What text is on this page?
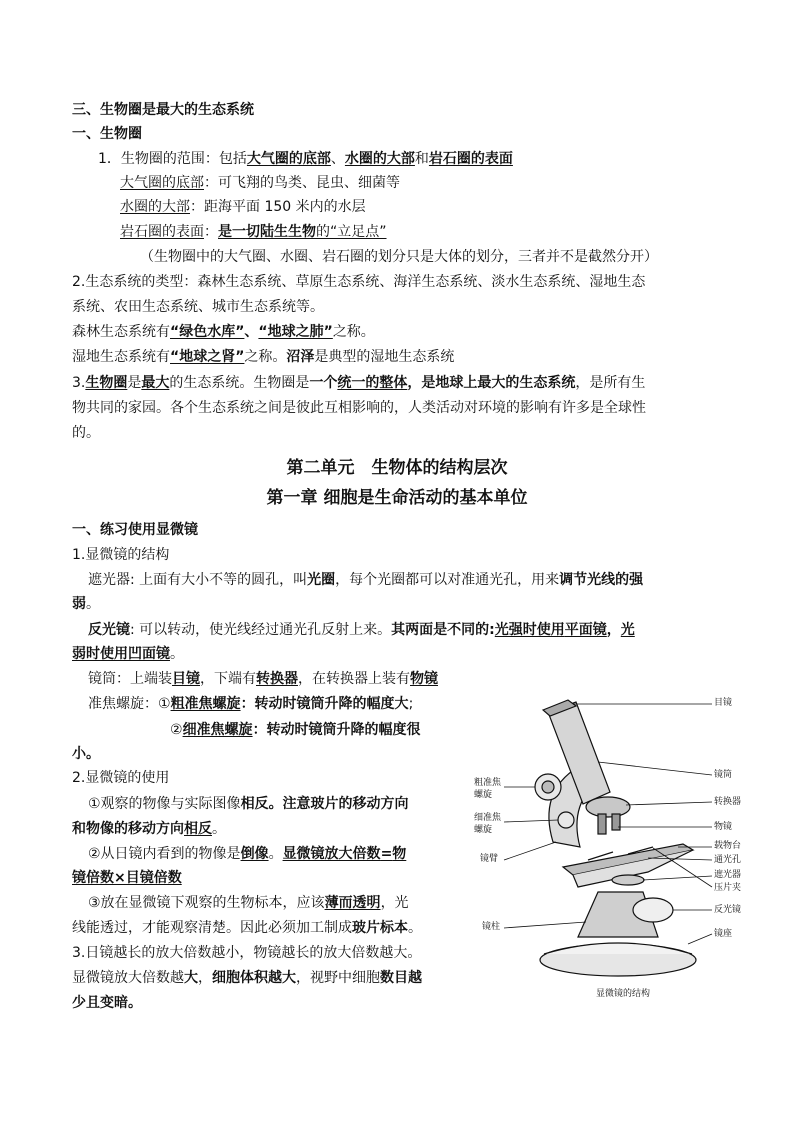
三、生物圈是最大的生态系统
一、生物圈
1．生物圈的范围：包括大气圈的底部、水圈的大部和岩石圈的表面
大气圈的底部：可飞翔的鸟类、昆虫、细菌等
水圈的大部：距海平面 150 米内的水层
岩石圈的表面：是一切陆生生物的“立足点”
（生物圈中的大气圈、水圈、岩石圈的划分只是大体的划分，三者并不是截然分开）
2.生态系统的类型：森林生态系统、草原生态系统、海洋生态系统、淡水生态系统、湿地生态
系统、农田生态系统、城市生态系统等。
森林生态系统有“绿色水库”、“地球之肺”之称。
湿地生态系统有“地球之肾”之称。沼泽是典型的湿地生态系统
3.生物圈是最大的生态系统。生物圈是一个统一的整体，是地球上最大的生态系统，是所有生
物共同的家园。各个生态系统之间是彼此互相影响的，人类活动对环境的影响有许多是全球性
的。
第二单元　生物体的结构层次
第一章 细胞是生命活动的基本单位
一、练习使用显微镜
1.显微镜的结构
遮光器: 上面有大小不等的圆孔，叫光圈，每个光圈都可以对准通光孔，用来调节光线的强
弱。
反光镜: 可以转动，使光线经过通光孔反射上来。其两面是不同的:光强时使用平面镜，光
弱时使用凹面镜。
镜筒：上端装目镜，下端有转换器，在转换器上装有物镜
准焦螺旋：①粗准焦螺旋：转动时镜筒升降的幅度大;
②细准焦螺旋：转动时镜筒升降的幅度很
小。
2.显微镜的使用
①观察的物像与实际图像相反。注意玻片的移动方向
和物像的移动方向相反。
②从日镜内看到的物像是倒像。显微镜放大倍数=物
镜倍数×目镜倍数
③放在显微镜下观察的生物标本，应该薄而透明，光
线能透过，才能观察清楚。因此必须加工制成玻片标本。
3.日镜越长的放大倍数越小，物镜越长的放大倍数越大。
显微镜放大倍数越大，细胞体积越大，视野中细胞数目越
少且变暗。
目镜
镜筒
转换器
物镜
载物台
通光孔
遮光器
压片夹
反光镜
镜座
粗准焦
螺旋
细准焦
螺旋
镜臂
镜柱
显微镜的结构
